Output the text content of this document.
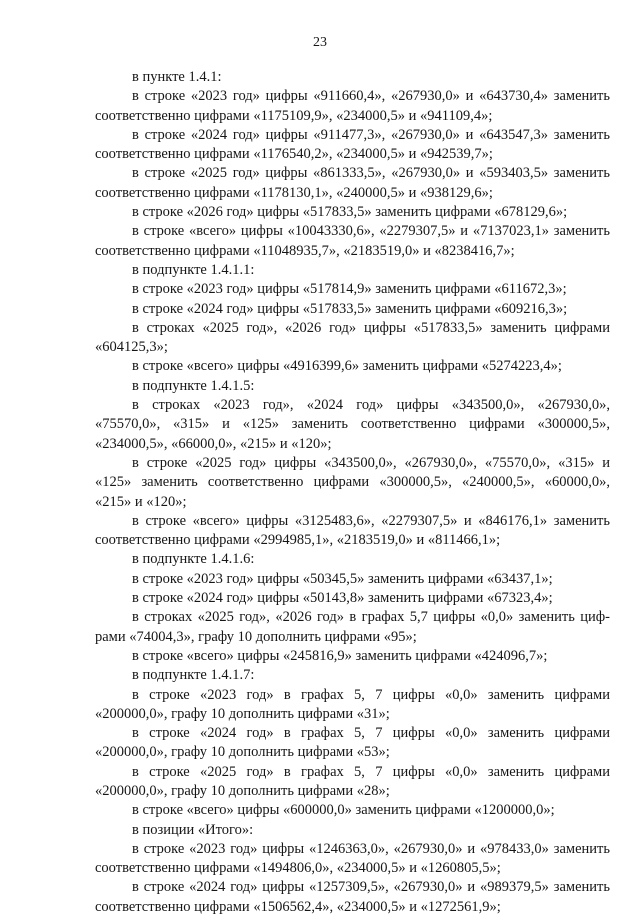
23
в пункте 1.4.1:
в строке «2023 год» цифры «911660,4», «267930,0» и «643730,4» заменить
соответственно цифрами «1175109,9», «234000,5» и «941109,4»;
в строке «2024 год» цифры «911477,3», «267930,0» и «643547,3» заменить
соответственно цифрами «1176540,2», «234000,5» и «942539,7»;
в строке «2025 год» цифры «861333,5», «267930,0» и «593403,5» заменить
соответственно цифрами «1178130,1», «240000,5» и «938129,6»;
в строке «2026 год» цифры «517833,5» заменить цифрами «678129,6»;
в строке «всего» цифры «10043330,6», «2279307,5» и «7137023,1» заменить
соответственно цифрами «11048935,7», «2183519,0» и «8238416,7»;
в подпункте 1.4.1.1:
в строке «2023 год» цифры «517814,9» заменить цифрами «611672,3»;
в строке «2024 год» цифры «517833,5» заменить цифрами «609216,3»;
в строках «2025 год», «2026 год» цифры «517833,5» заменить цифрами
«604125,3»;
в строке «всего» цифры «4916399,6» заменить цифрами «5274223,4»;
в подпункте 1.4.1.5:
в строках «2023 год», «2024 год» цифры «343500,0», «267930,0»,
«75570,0», «315» и «125» заменить соответственно цифрами «300000,5»,
«234000,5», «66000,0», «215» и «120»;
в строке «2025 год» цифры «343500,0», «267930,0», «75570,0», «315» и
«125» заменить соответственно цифрами «300000,5», «240000,5», «60000,0»,
«215» и «120»;
в строке «всего» цифры «3125483,6», «2279307,5» и «846176,1» заменить
соответственно цифрами «2994985,1», «2183519,0» и «811466,1»;
в подпункте 1.4.1.6:
в строке «2023 год» цифры «50345,5» заменить цифрами «63437,1»;
в строке «2024 год» цифры «50143,8» заменить цифрами «67323,4»;
в строках «2025 год», «2026 год» в графах 5,7 цифры «0,0» заменить циф-
рами «74004,3», графу 10 дополнить цифрами «95»;
в строке «всего» цифры «245816,9» заменить цифрами «424096,7»;
в подпункте 1.4.1.7:
в строке «2023 год» в графах 5, 7 цифры «0,0» заменить цифрами
«200000,0», графу 10 дополнить цифрами «31»;
в строке «2024 год» в графах 5, 7 цифры «0,0» заменить цифрами
«200000,0», графу 10 дополнить цифрами «53»;
в строке «2025 год» в графах 5, 7 цифры «0,0» заменить цифрами
«200000,0», графу 10 дополнить цифрами «28»;
в строке «всего» цифры «600000,0» заменить цифрами «1200000,0»;
в позиции «Итого»:
в строке «2023 год» цифры «1246363,0», «267930,0» и «978433,0» заменить
соответственно цифрами «1494806,0», «234000,5» и «1260805,5»;
в строке «2024 год» цифры «1257309,5», «267930,0» и «989379,5» заменить
соответственно цифрами «1506562,4», «234000,5» и «1272561,9»;
